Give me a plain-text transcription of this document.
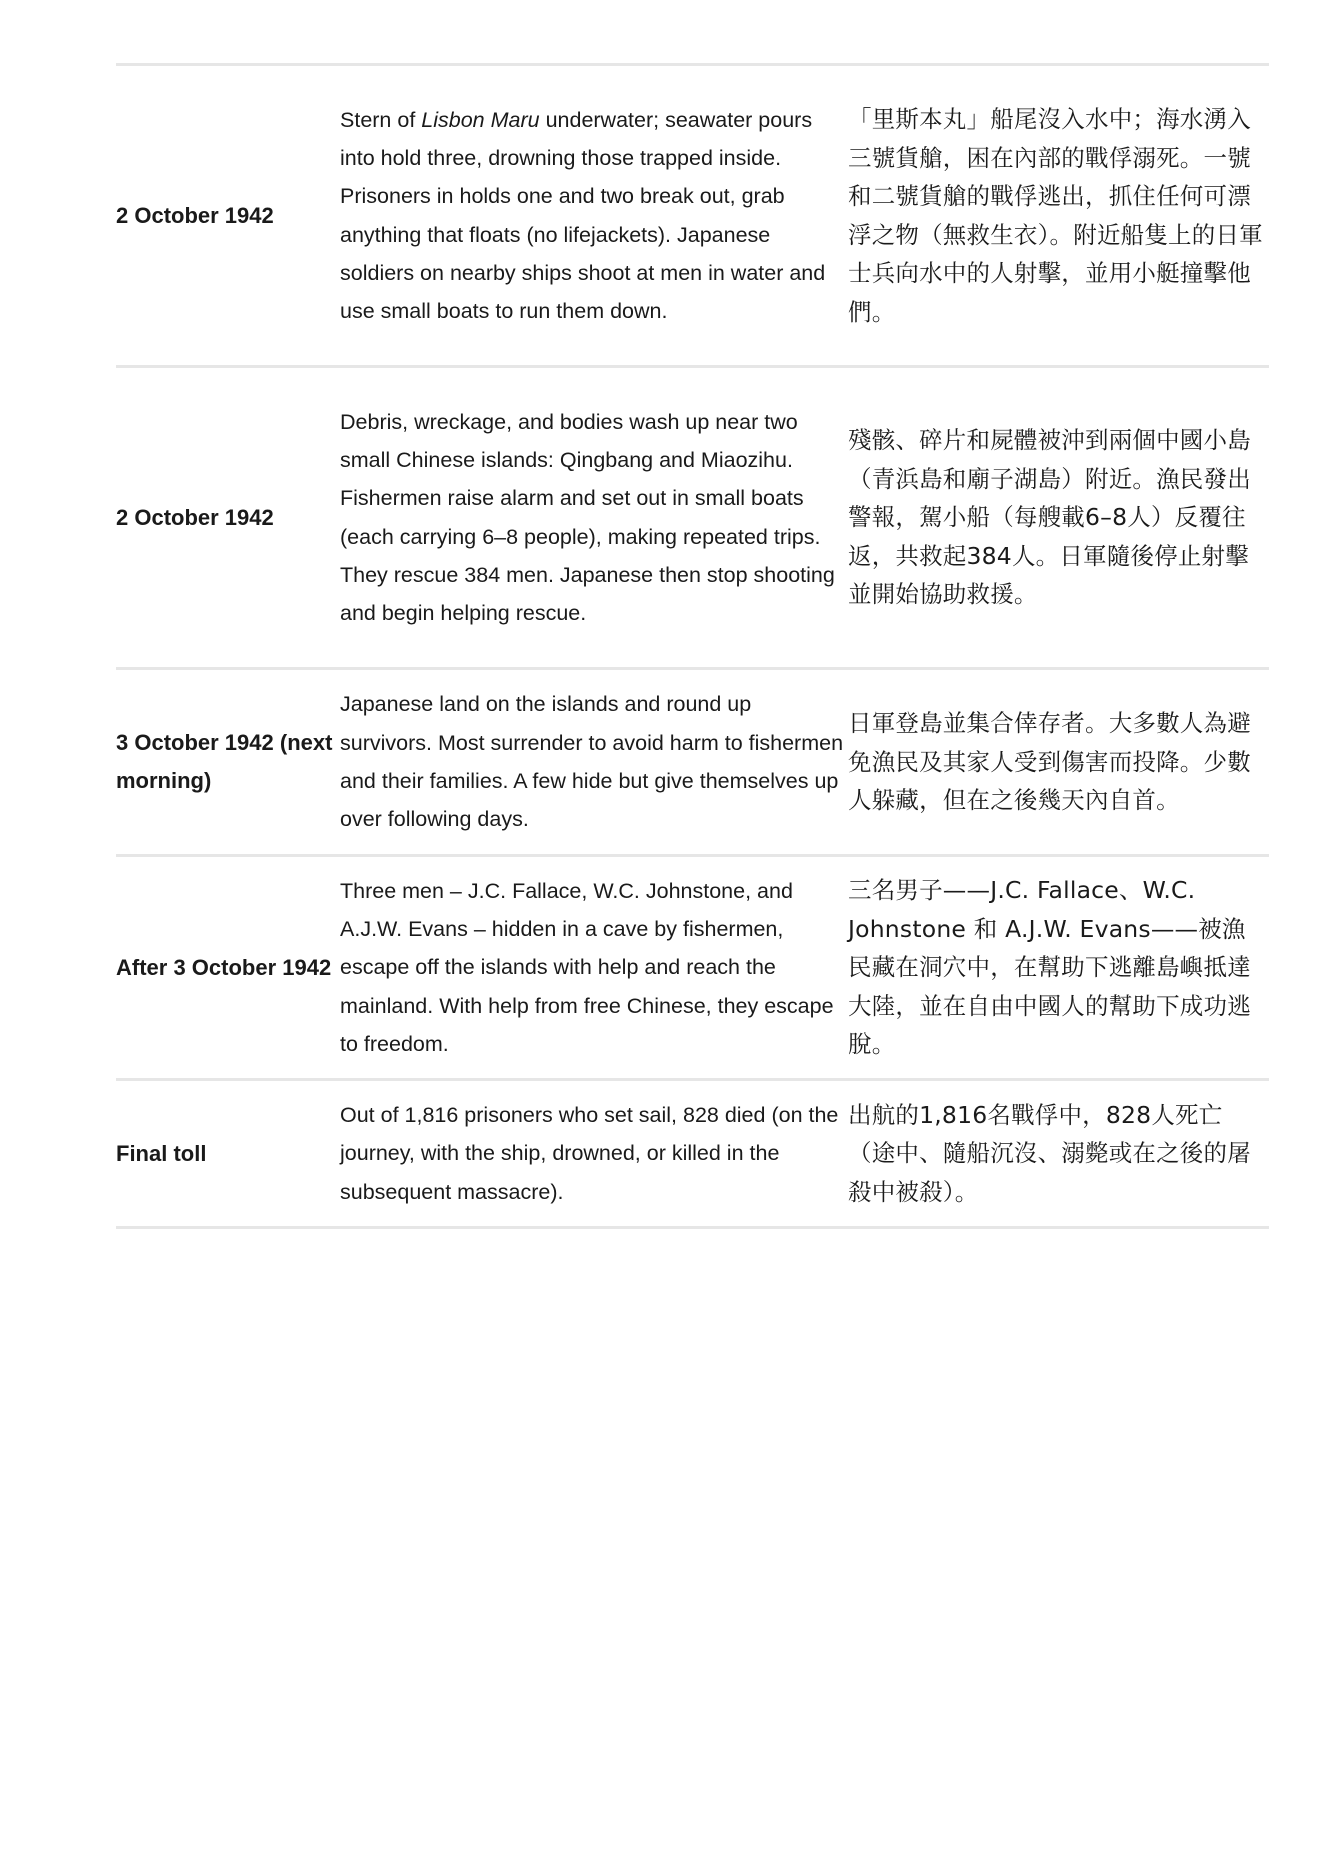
2 October 1942	Stern of Lisbon Maru underwater; seawater pours into hold three, drowning those trapped inside. Prisoners in holds one and two break out, grab anything that floats (no lifejackets). Japanese soldiers on nearby ships shoot at men in water and use small boats to run them down.	「里斯本丸」船尾沒入水中；海水湧入三號貨艙，困在內部的戰俘溺死。一號和二號貨艙的戰俘逃出，抓住任何可漂浮之物（無救生衣）。附近船隻上的日軍士兵向水中的人射擊，並用小艇撞擊他們。

2 October 1942	Debris, wreckage, and bodies wash up near two small Chinese islands: Qingbang and Miaozihu. Fishermen raise alarm and set out in small boats (each carrying 6–8 people), making repeated trips. They rescue 384 men. Japanese then stop shooting and begin helping rescue.	殘骸、碎片和屍體被沖到兩個中國小島（青浜島和廟子湖島）附近。漁民發出警報，駕小船（每艘載6–8人）反覆往返，共救起384人。日軍隨後停止射擊並開始協助救援。

3 October 1942 (next morning)	Japanese land on the islands and round up survivors. Most surrender to avoid harm to fishermen and their families. A few hide but give themselves up over following days.	日軍登島並集合倖存者。大多數人為避免漁民及其家人受到傷害而投降。少數人躲藏，但在之後幾天內自首。

After 3 October 1942	Three men – J.C. Fallace, W.C. Johnstone, and A.J.W. Evans – hidden in a cave by fishermen, escape off the islands with help and reach the mainland. With help from free Chinese, they escape to freedom.	三名男子——J.C. Fallace、W.C. Johnstone 和 A.J.W. Evans——被漁民藏在洞穴中，在幫助下逃離島嶼抵達大陸，並在自由中國人的幫助下成功逃脫。

Final toll	Out of 1,816 prisoners who set sail, 828 died (on the journey, with the ship, drowned, or killed in the subsequent massacre).	出航的1,816名戰俘中，828人死亡（途中、隨船沉沒、溺斃或在之後的屠殺中被殺）。
